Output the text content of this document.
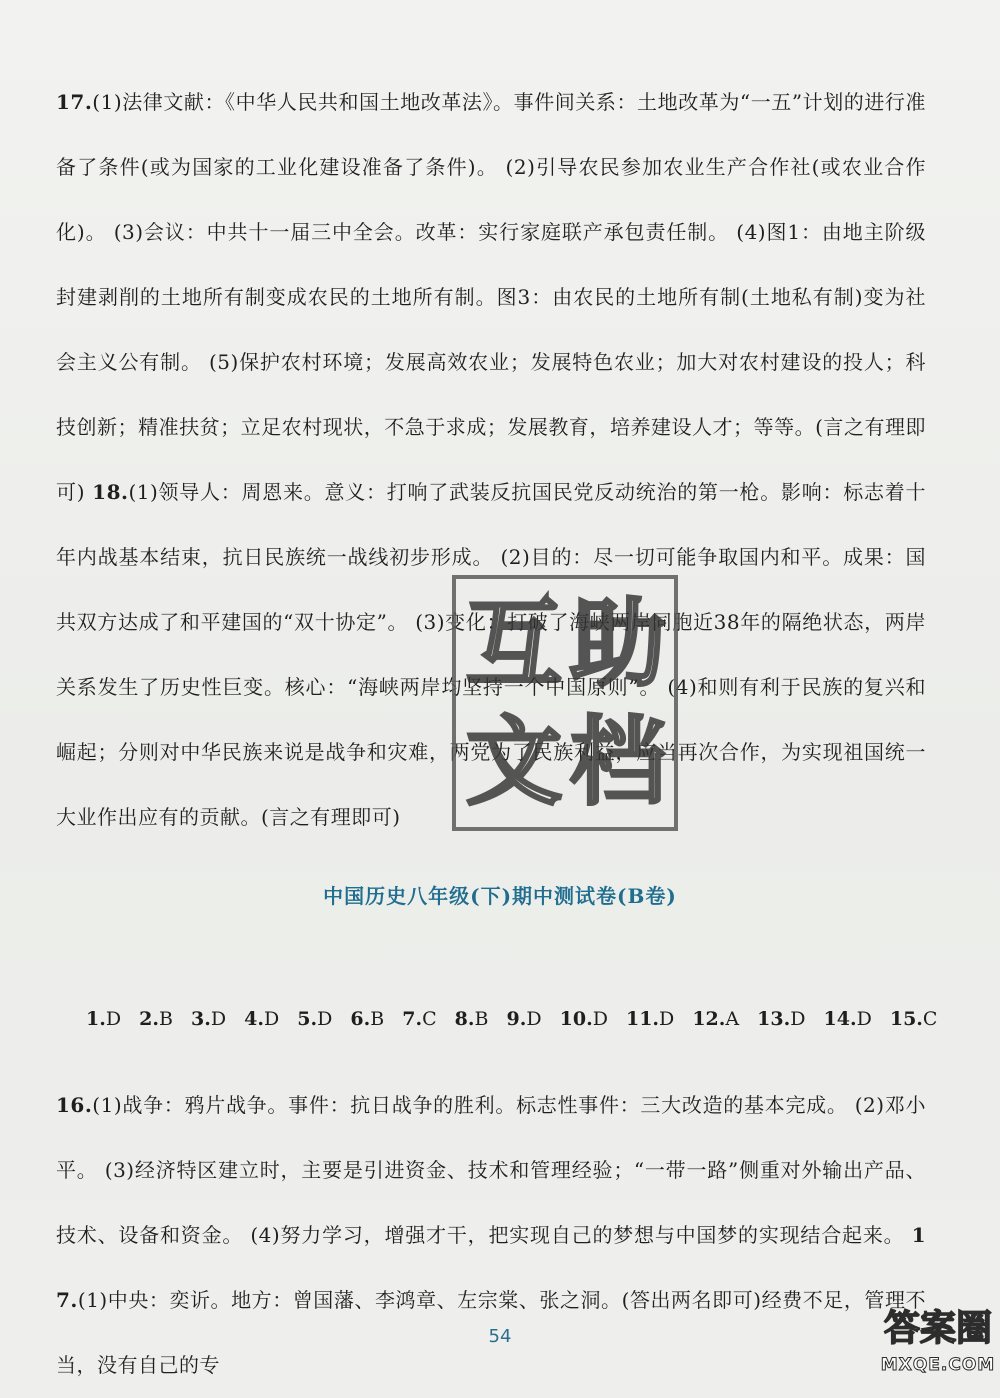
17.(1)法律文献：《中华人民共和国土地改革法》。事件间关系：土地改革为“一五”计划的进行准备了条件(或为国家的工业化建设准备了条件)。 (2)引导农民参加农业生产合作社(或农业合作化)。 (3)会议：中共十一届三中全会。改革：实行家庭联产承包责任制。 (4)图1：由地主阶级封建剥削的土地所有制变成农民的土地所有制。图3：由农民的土地所有制(土地私有制)变为社会主义公有制。 (5)保护农村环境；发展高效农业；发展特色农业；加大对农村建设的投人；科技创新；精准扶贫；立足农村现状，不急于求成；发展教育，培养建设人才；等等。(言之有理即可) 18.(1)领导人：周恩来。意义：打响了武装反抗国民党反动统治的第一枪。影响：标志着十年内战基本结束，抗日民族统一战线初步形成。 (2)目的：尽一切可能争取国内和平。成果：国共双方达成了和平建国的“双十协定”。 (3)变化：打破了海峡两岸同胞近38年的隔绝状态，两岸关系发生了历史性巨变。核心：“海峡两岸均坚持一个中国原则”。 (4)和则有利于民族的复兴和崛起；分则对中华民族来说是战争和灾难，两党为了民族利益，应当再次合作，为实现祖国统一大业作出应有的贡献。(言之有理即可)
互 助
文 档
中国历史八年级(下)期中测试卷(B卷)
1.D 2.B 3.D 4.D 5.D 6.B 7.C 8.B 9.D 10.D 11.D 12.A 13.D 14.D 15.C
16.(1)战争：鸦片战争。事件：抗日战争的胜利。标志性事件：三大改造的基本完成。 (2)邓小平。 (3)经济特区建立时，主要是引进资金、技术和管理经验；“一带一路”侧重对外输出产品、技术、设备和资金。 (4)努力学习，增强才干，把实现自己的梦想与中国梦的实现结合起来。 17.(1)中央：奕䜣。地方：曾国藩、李鸿章、左宗棠、张之洞。(答出两名即可)经费不足，管理不当，没有自己的专
54	答案圈
MXQE.COM
